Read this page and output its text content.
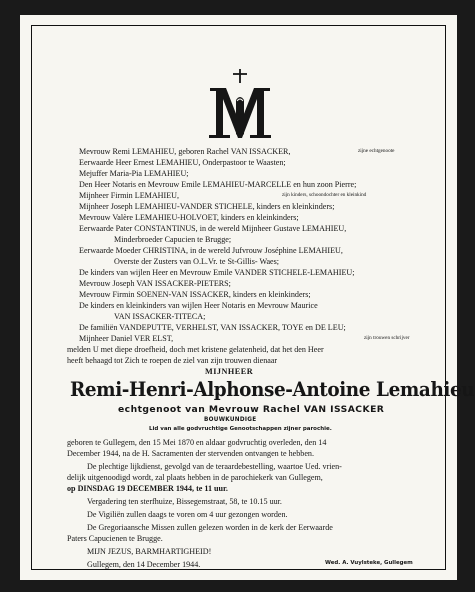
Mevrouw Remi LEMAHIEU, geboren Rachel VAN ISSACKER,	zijne echtgenoote
Eerwaarde Heer Ernest LEMAHIEU, Onderpastoor te Waasten;
Mejuffer Maria-Pia LEMAHIEU;
Den Heer Notaris en Mevrouw Emile LEMAHIEU-MARCELLE en hun zoon Pierre;
Mijnheer Firmin LEMAHIEU,	zijn kinders, schoondochter en kleinkind
Mijnheer Joseph LEMAHIEU-VANDER STICHELE, kinders en kleinkinders;
Mevrouw Valère LEMAHIEU-HOLVOET, kinders en kleinkinders;
Eerwaarde Pater CONSTANTINUS, in de wereld Mijnheer Gustave LEMAHIEU,
Minderbroeder Capucien te Brugge;
Eerwaarde Moeder CHRISTINA, in de wereld Jufvrouw Joséphine LEMAHIEU,
Overste der Zusters van O.L.Vr. te St-Gillis- Waes;
De kinders van wijlen Heer en Mevrouw Emile VANDER STICHELE-LEMAHIEU;
Mevrouw Joseph VAN ISSACKER-PIETERS;
Mevrouw Firmin SOENEN-VAN ISSACKER, kinders en kleinkinders;
De kinders en kleinkinders van wijlen Heer Notaris en Mevrouw Maurice
VAN ISSACKER-TITECA;
De familiën VANDEPUTTE, VERHELST, VAN ISSACKER, TOYE en DE LEU;
Mijnheer Daniel VER ELST,	zijn trouwen schrijver
melden U met diepe droefheid, doch met kristene gelatenheid, dat het den Heer
heeft behaagd tot Zich te roepen de ziel van zijn trouwen dienaar
MIJNHEER
Remi-Henri-Alphonse-Antoine Lemahieu
echtgenoot van Mevrouw Rachel VAN ISSACKER
BOUWKUNDIGE
Lid van alle godvruchtige Genootschappen zijner parochie.
geboren te Gullegem, den 15 Mei 1870 en aldaar godvruchtig overleden, den 14
December 1944, na de H. Sacramenten der stervenden ontvangen te hebben.
De plechtige lijkdienst, gevolgd van de teraardebestelling, waartoe Ued. vrien-
delijk uitgenoodigd wordt, zal plaats hebben in de parochiekerk van Gullegem,
op DINSDAG 19 DECEMBER 1944, te 11 uur.
Vergadering ten sterfhuize, Bissegemstraat, 58, te 10.15 uur.
De Vigiliën zullen daags te voren om 4 uur gezongen worden.
De Gregoriaansche Missen zullen gelezen worden in de kerk der Eerwaarde
Paters Capucienen te Brugge.
MIJN JEZUS, BARMHARTIGHEID!
Gullegem, den 14 December 1944.	Wed. A. Vuylsteke, Gullegem
